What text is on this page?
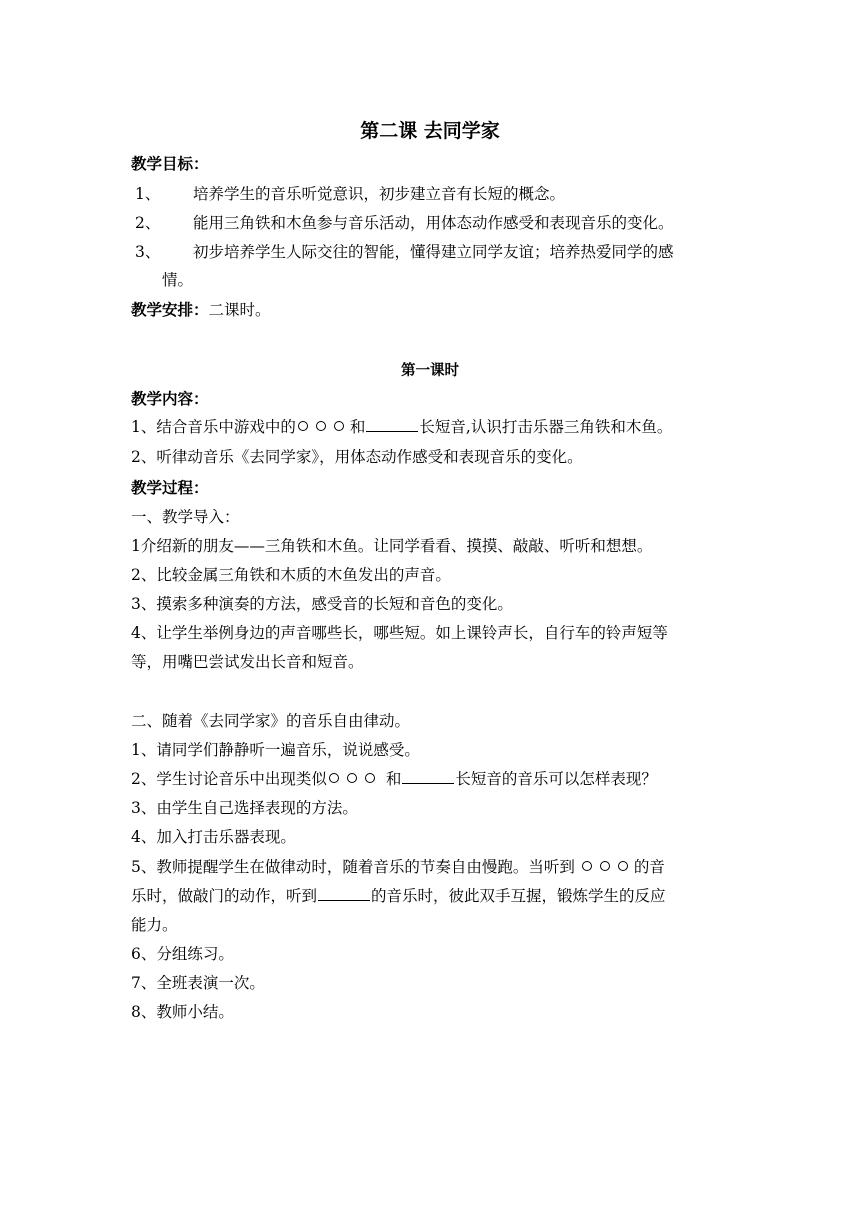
第二课 去同学家
教学目标：
1、 培养学生的音乐听觉意识，初步建立音有长短的概念。
2、 能用三角铁和木鱼参与音乐活动，用体态动作感受和表现音乐的变化。
3、 初步培养学生人际交往的智能，懂得建立同学友谊；培养热爱同学的感
情。
教学安排：二课时。
第一课时
教学内容：
1、结合音乐中游戏中的	和	长短音,认识打击乐器三角铁和木鱼。
2、听律动音乐《去同学家》，用体态动作感受和表现音乐的变化。
教学过程：
一、教学导入：
1介绍新的朋友——三角铁和木鱼。让同学看看、摸摸、敲敲、听听和想想。
2、比较金属三角铁和木质的木鱼发出的声音。
3、摸索多种演奏的方法，感受音的长短和音色的变化。
4、让学生举例身边的声音哪些长，哪些短。如上课铃声长，自行车的铃声短等
等，用嘴巴尝试发出长音和短音。
二、随着《去同学家》的音乐自由律动。
1、请同学们静静听一遍音乐，说说感受。
2、学生讨论音乐中出现类似	和	长短音的音乐可以怎样表现？
3、由学生自己选择表现的方法。
4、加入打击乐器表现。
5、教师提醒学生在做律动时，随着音乐的节奏自由慢跑。当听到	的音
乐时，做敲门的动作，听到	的音乐时，彼此双手互握，锻炼学生的反应
能力。
6、分组练习。
7、全班表演一次。
8、教师小结。
